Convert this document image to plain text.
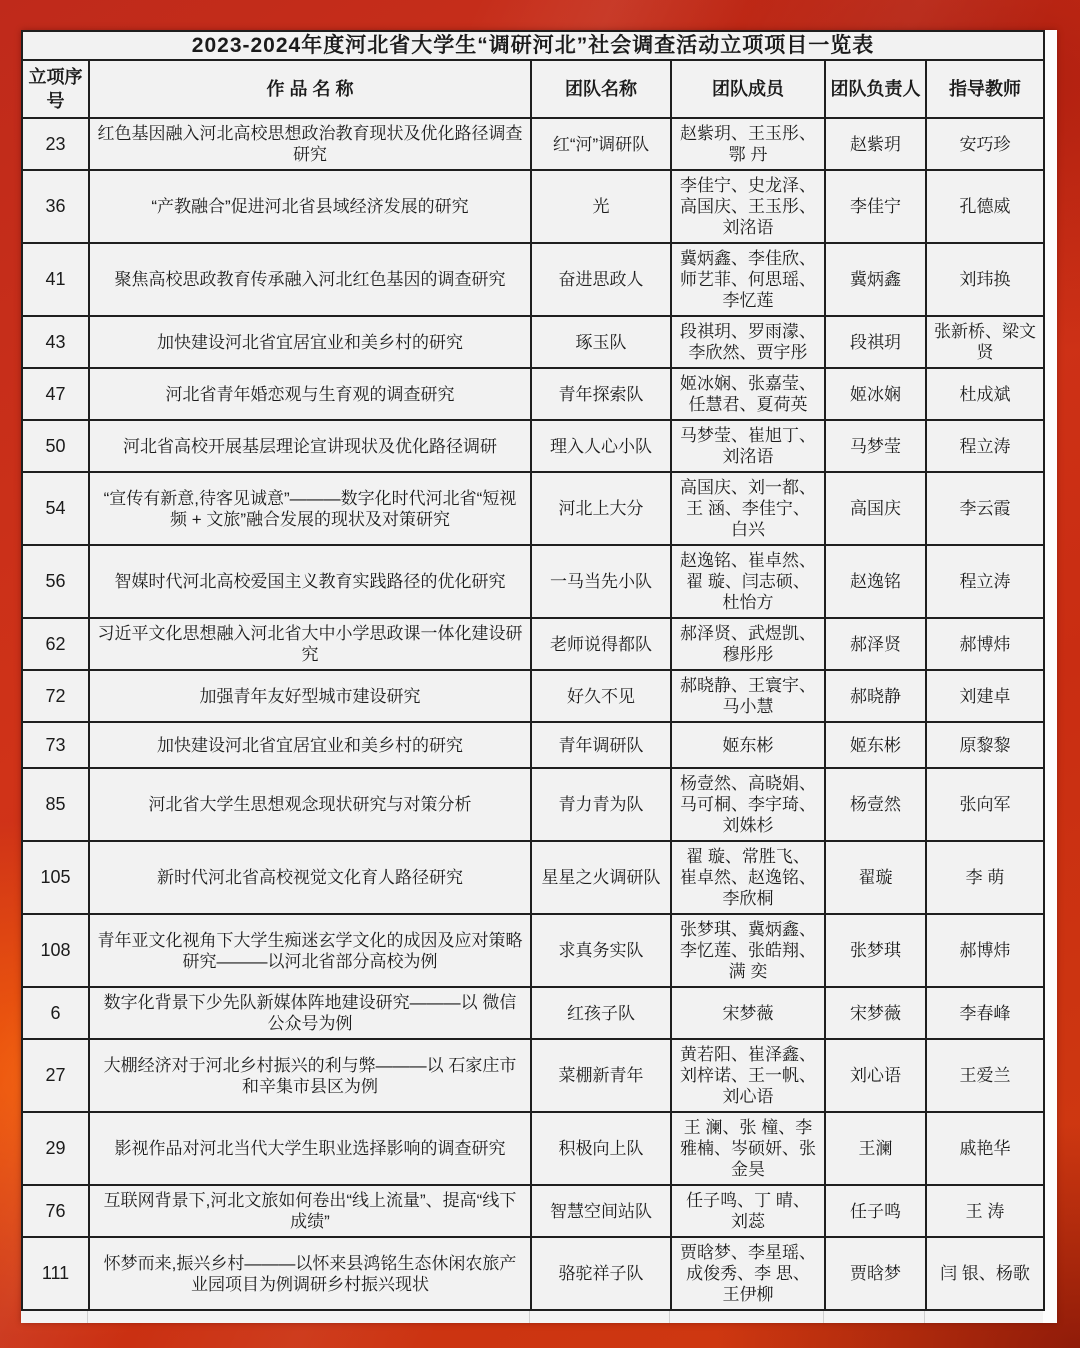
2023-2024年度河北省大学生“调研河北”社会调查活动立项项目一览表					
立项序号	作 品 名 称	团队名称	团队成员	团队负责人	指导教师
23	红色基因融入河北高校思想政治教育现状及优化路径调查研究	红“河”调研队	赵紫玥、王玉彤、鄂 丹	赵紫玥	安巧珍
36	“产教融合”促进河北省县域经济发展的研究	光	李佳宁、史龙泽、高国庆、王玉彤、刘洺语	李佳宁	孔德威
41	聚焦高校思政教育传承融入河北红色基因的调查研究	奋进思政人	冀炳鑫、李佳欣、师艺菲、何思瑶、李忆莲	冀炳鑫	刘玮换
43	加快建设河北省宜居宜业和美乡村的研究	琢玉队	段祺玥、罗雨濛、李欣然、贾宇彤	段祺玥	张新桥、梁文贤
47	河北省青年婚恋观与生育观的调查研究	青年探索队	姬冰娴、张嘉莹、任慧君、夏荷英	姬冰娴	杜成斌
50	河北省高校开展基层理论宣讲现状及优化路径调研	理入人心小队	马梦莹、崔旭丁、刘洺语	马梦莹	程立涛
54	“宣传有新意,待客见诚意”———数字化时代河北省“短视频 + 文旅”融合发展的现状及对策研究	河北上大分	高国庆、刘一都、王 涵、李佳宁、白兴	高国庆	李云霞
56	智媒时代河北高校爱国主义教育实践路径的优化研究	一马当先小队	赵逸铭、崔卓然、翟 璇、闫志硕、杜怡方	赵逸铭	程立涛
62	习近平文化思想融入河北省大中小学思政课一体化建设研究	老师说得都队	郝泽贤、武煜凯、穆彤彤	郝泽贤	郝博炜
72	加强青年友好型城市建设研究	好久不见	郝晓静、王寰宇、马小慧	郝晓静	刘建卓
73	加快建设河北省宜居宜业和美乡村的研究	青年调研队	姬东彬	姬东彬	原黎黎
85	河北省大学生思想观念现状研究与对策分析	青力青为队	杨壹然、高晓娟、马可桐、李宇琦、刘姝杉	杨壹然	张向军
105	新时代河北省高校视觉文化育人路径研究	星星之火调研队	翟 璇、常胜飞、崔卓然、赵逸铭、李欣桐	翟璇	李 萌
108	青年亚文化视角下大学生痴迷玄学文化的成因及应对策略研究———以河北省部分高校为例	求真务实队	张梦琪、冀炳鑫、李忆莲、张皓翔、满 奕	张梦琪	郝博炜
6	数字化背景下少先队新媒体阵地建设研究———以 微信公众号为例	红孩子队	宋梦薇	宋梦薇	李春峰
27	大棚经济对于河北乡村振兴的利与弊———以 石家庄市和辛集市县区为例	菜棚新青年	黄若阳、崔泽鑫、刘梓诺、王一帆、刘心语	刘心语	王爱兰
29	影视作品对河北当代大学生职业选择影响的调查研究	积极向上队	王 澜、张 橦、李雅楠、岑硕妍、张金昊	王澜	戚艳华
76	互联网背景下,河北文旅如何卷出“线上流量”、提高“线下成绩”	智慧空间站队	任子鸣、丁 晴、刘蕊	任子鸣	王 涛
111	怀梦而来,振兴乡村———以怀来县鸿铭生态休闲农旅产业园项目为例调研乡村振兴现状	骆驼祥子队	贾晗梦、李星瑶、成俊秀、李 思、王伊柳	贾晗梦	闫 银、杨歌
